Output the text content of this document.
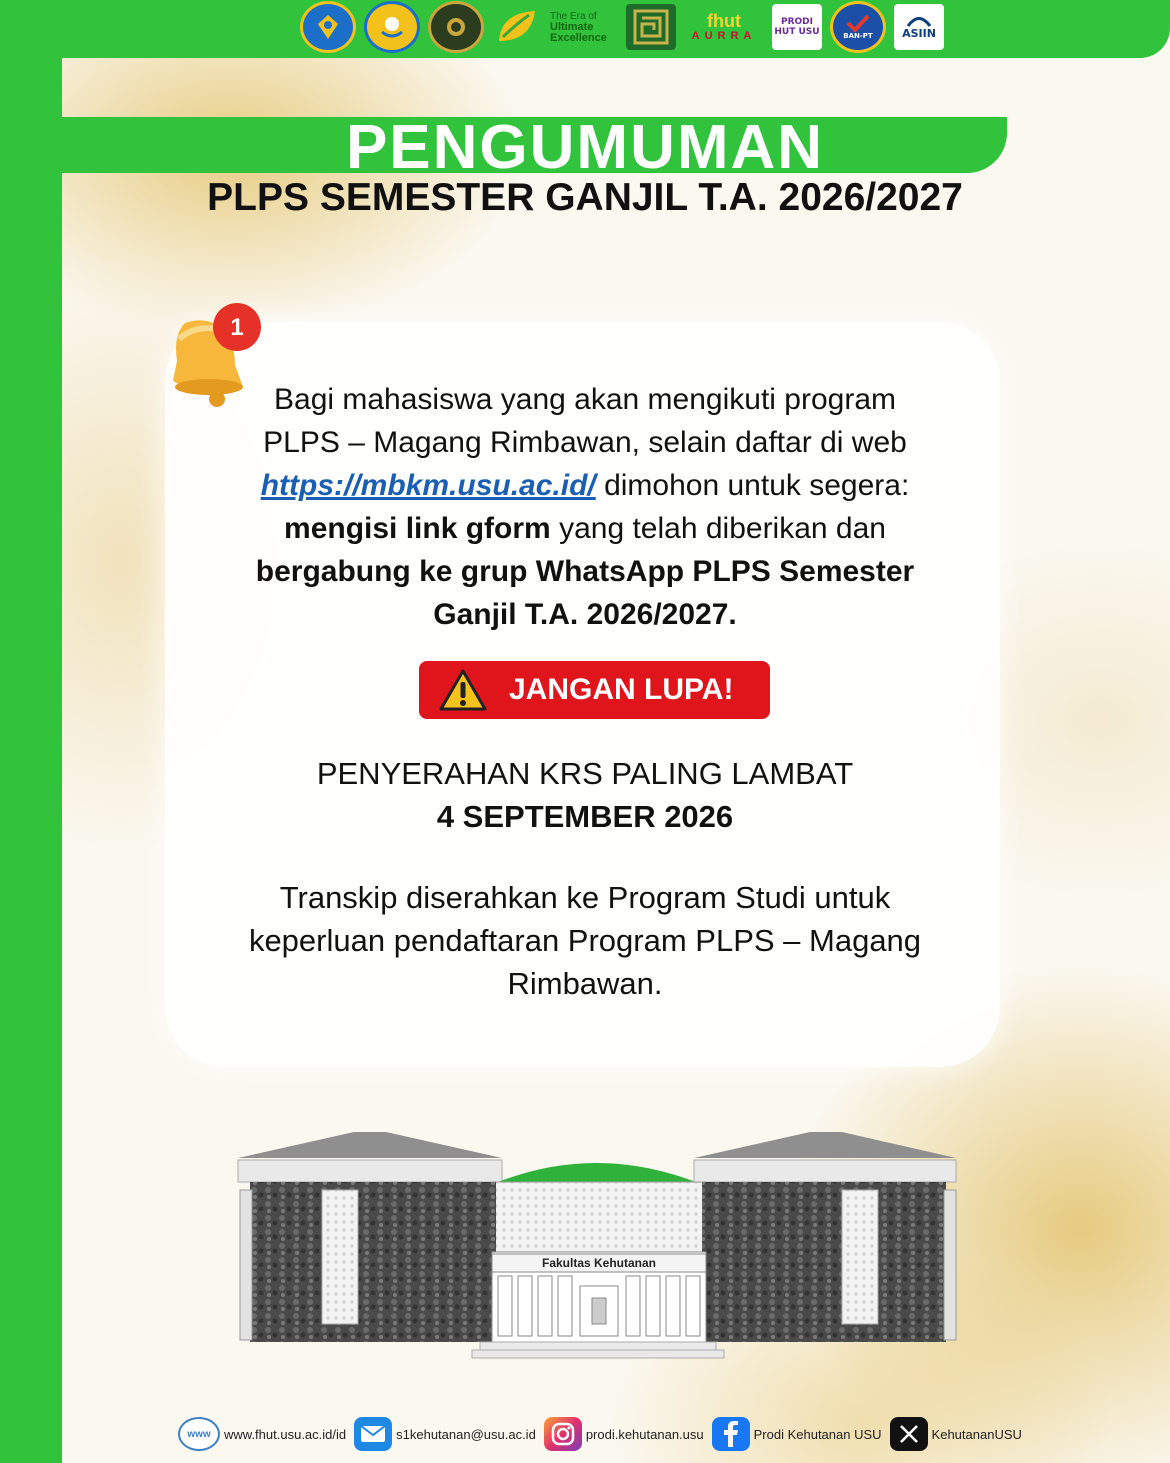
The Era of
Ultimate
Excellence
fhut
AURRA
PRODI HUT USU	BAN-PT	ASIIN
PENGUMUMAN
PLPS SEMESTER GANJIL T.A. 2026/2027
1
Bagi mahasiswa yang akan mengikuti program
PLPS – Magang Rimbawan, selain daftar di web
https://mbkm.usu.ac.id/ dimohon untuk segera:
mengisi link gform yang telah diberikan dan
bergabung ke grup WhatsApp PLPS Semester
Ganjil T.A. 2026/2027.
JANGAN LUPA!
PENYERAHAN KRS PALING LAMBAT
4 SEPTEMBER 2026
Transkip diserahkan ke Program Studi untuk
keperluan pendaftaran Program PLPS – Magang
Rimbawan.
Fakultas Kehutanan
www www.fhut.usu.ac.id/id	s1kehutanan@usu.ac.id	prodi.kehutanan.usu	Prodi Kehutanan USU	KehutananUSU
